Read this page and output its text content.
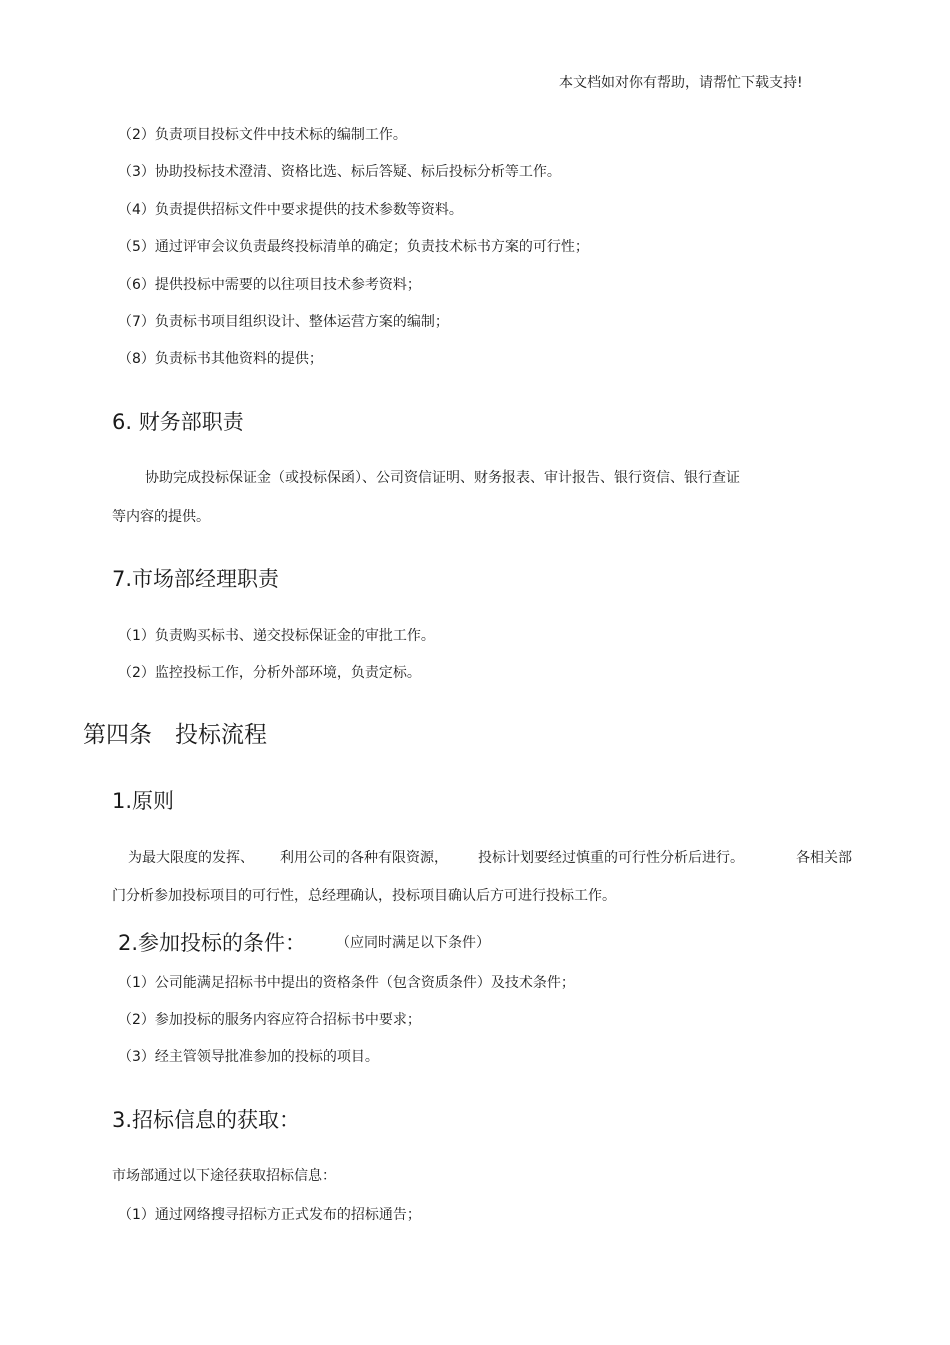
本文档如对你有帮助，请帮忙下载支持!
（2）负责项目投标文件中技术标的编制工作。
（3）协助投标技术澄清、资格比选、标后答疑、标后投标分析等工作。
（4）负责提供招标文件中要求提供的技术参数等资料。
（5）通过评审会议负责最终投标清单的确定；负责技术标书方案的可行性；
（6）提供投标中需要的以往项目技术参考资料；
（7）负责标书项目组织设计、整体运营方案的编制；
（8）负责标书其他资料的提供；
6. 财务部职责
协助完成投标保证金（或投标保函）、公司资信证明、财务报表、审计报告、银行资信、银行查证
等内容的提供。
7.市场部经理职责
（1）负责购买标书、递交投标保证金的审批工作。
（2）监控投标工作，分析外部环境，负责定标。
第四条　投标流程
1.原则
为最大限度的发挥、 利用公司的各种有限资源， 投标计划要经过慎重的可行性分析后进行。	各相关部
门分析参加投标项目的可行性，总经理确认，投标项目确认后方可进行投标工作。
2.参加投标的条件： （应同时满足以下条件）
（1）公司能满足招标书中提出的资格条件（包含资质条件）及技术条件；
（2）参加投标的服务内容应符合招标书中要求；
（3）经主管领导批准参加的投标的项目。
3.招标信息的获取：
市场部通过以下途径获取招标信息：
（1）通过网络搜寻招标方正式发布的招标通告；
